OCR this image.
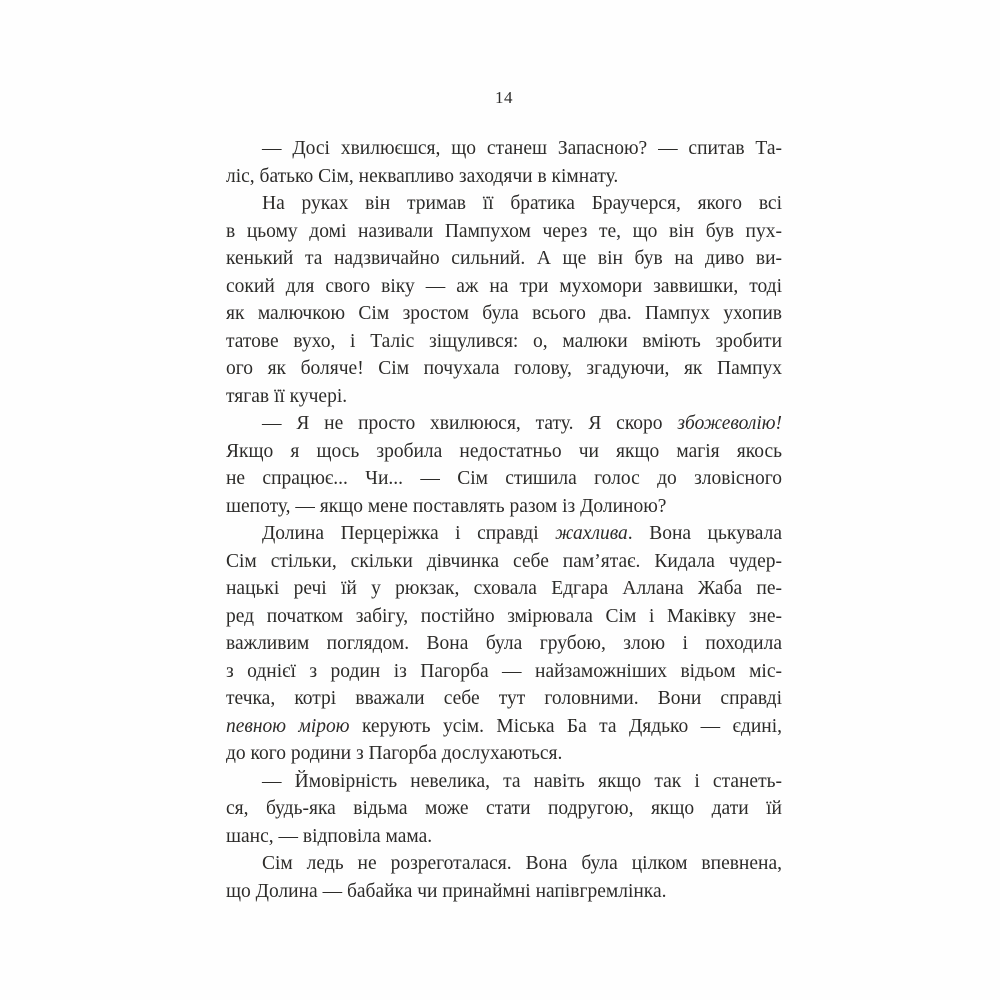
14
— Досі хвилюєшся, що станеш Запасною? — спитав Та-
ліс, батько Сім, неквапливо заходячи в кімнату.
На руках він тримав її братика Браучерся, якого всі
в цьому домі називали Пампухом через те, що він був пух-
кенький та надзвичайно сильний. А ще він був на диво ви-
сокий для свого віку — аж на три мухомори заввишки, тоді
як малючкою Сім зростом була всього два. Пампух ухопив
татове вухо, і Таліс зіщулився: о, малюки вміють зробити
ого як боляче! Сім почухала голову, згадуючи, як Пампух
тягав її кучері.
— Я не просто хвилююся, тату. Я скоро збожеволію!
Якщо я щось зробила недостатньо чи якщо магія якось
не спрацює... Чи... — Сім стишила голос до зловісного
шепоту, — якщо мене поставлять разом із Долиною?
Долина Перцеріжка і справді жахлива. Вона цькувала
Сім стільки, скільки дівчинка себе пам’ятає. Кидала чудер-
нацькі речі їй у рюкзак, сховала Едгара Аллана Жаба пе-
ред початком забігу, постійно змірювала Сім і Маківку зне-
важливим поглядом. Вона була грубою, злою і походила
з однієї з родин із Пагорба — найзаможніших відьом міс-
течка, котрі вважали себе тут головними. Вони справді
певною мірою керують усім. Міська Ба та Дядько — єдині,
до кого родини з Пагорба дослухаються.
— Ймовірність невелика, та навіть якщо так і станеть-
ся, будь-яка відьма може стати подругою, якщо дати їй
шанс, — відповіла мама.
Сім ледь не розреготалася. Вона була цілком впевнена,
що Долина — бабайка чи принаймні напівгремлінка.
